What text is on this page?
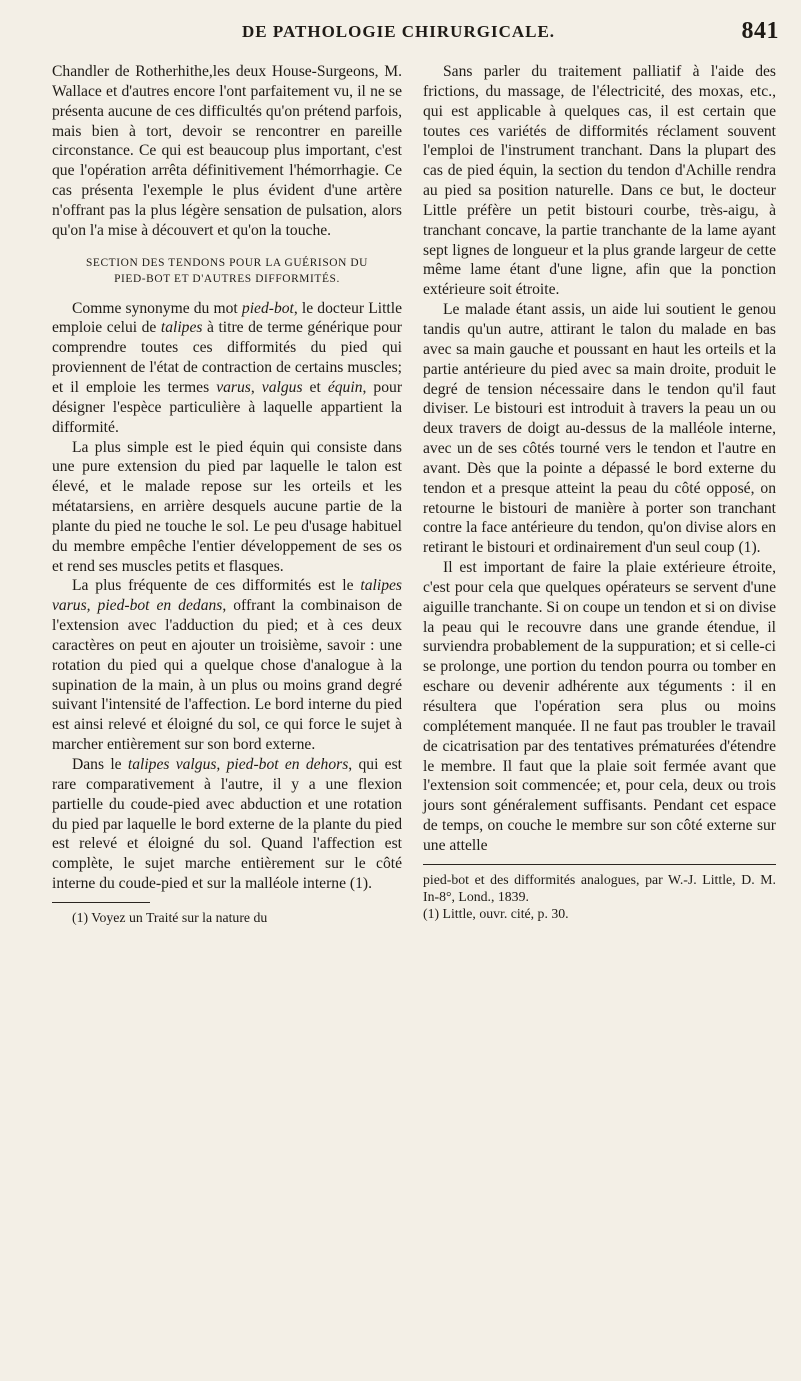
DE PATHOLOGIE CHIRURGICALE.	841

Chandler de Rotherhithe,les deux House-Surgeons, M. Wallace et d'autres encore l'ont parfaitement vu, il ne se présenta aucune de ces difficultés qu'on prétend parfois, mais bien à tort, devoir se rencontrer en pareille circonstance. Ce qui est beaucoup plus important, c'est que l'opération arrêta définitivement l'hémorrhagie. Ce cas présenta l'exemple le plus évident d'une artère n'offrant pas la plus légère sensation de pulsation, alors qu'on l'a mise à découvert et qu'on la touche.

SECTION DES TENDONS POUR LA GUÉRISON DU
PIED-BOT ET D'AUTRES DIFFORMITÉS.

Comme synonyme du mot pied-bot, le docteur Little emploie celui de talipes à titre de terme générique pour comprendre toutes ces difformités du pied qui proviennent de l'état de contraction de certains muscles; et il emploie les termes varus, valgus et équin, pour désigner l'espèce particulière à laquelle appartient la difformité.

La plus simple est le pied équin qui consiste dans une pure extension du pied par laquelle le talon est élevé, et le malade repose sur les orteils et les métatarsiens, en arrière desquels aucune partie de la plante du pied ne touche le sol. Le peu d'usage habituel du membre empêche l'entier développement de ses os et rend ses muscles petits et flasques.

La plus fréquente de ces difformités est le talipes varus, pied-bot en dedans, offrant la combinaison de l'extension avec l'adduction du pied; et à ces deux caractères on peut en ajouter un troisième, savoir : une rotation du pied qui a quelque chose d'analogue à la supination de la main, à un plus ou moins grand degré suivant l'intensité de l'affection. Le bord interne du pied est ainsi relevé et éloigné du sol, ce qui force le sujet à marcher entièrement sur son bord externe.

Dans le talipes valgus, pied-bot en dehors, qui est rare comparativement à l'autre, il y a une flexion partielle du coude-pied avec abduction et une rotation du pied par laquelle le bord externe de la plante du pied est relevé et éloigné du sol. Quand l'affection est complète, le sujet marche entièrement sur le côté interne du coude-pied et sur la malléole interne (1).

(1) Voyez un Traité sur la nature du

Sans parler du traitement palliatif à l'aide des frictions, du massage, de l'électricité, des moxas, etc., qui est applicable à quelques cas, il est certain que toutes ces variétés de difformités réclament souvent l'emploi de l'instrument tranchant. Dans la plupart des cas de pied équin, la section du tendon d'Achille rendra au pied sa position naturelle. Dans ce but, le docteur Little préfère un petit bistouri courbe, très-aigu, à tranchant concave, la partie tranchante de la lame ayant sept lignes de longueur et la plus grande largeur de cette même lame étant d'une ligne, afin que la ponction extérieure soit étroite.

Le malade étant assis, un aide lui soutient le genou tandis qu'un autre, attirant le talon du malade en bas avec sa main gauche et poussant en haut les orteils et la partie antérieure du pied avec sa main droite, produit le degré de tension nécessaire dans le tendon qu'il faut diviser. Le bistouri est introduit à travers la peau un ou deux travers de doigt au-dessus de la malléole interne, avec un de ses côtés tourné vers le tendon et l'autre en avant. Dès que la pointe a dépassé le bord externe du tendon et a presque atteint la peau du côté opposé, on retourne le bistouri de manière à porter son tranchant contre la face antérieure du tendon, qu'on divise alors en retirant le bistouri et ordinairement d'un seul coup (1).

Il est important de faire la plaie extérieure étroite, c'est pour cela que quelques opérateurs se servent d'une aiguille tranchante. Si on coupe un tendon et si on divise la peau qui le recouvre dans une grande étendue, il surviendra probablement de la suppuration; et si celle-ci se prolonge, une portion du tendon pourra ou tomber en eschare ou devenir adhérente aux téguments : il en résultera que l'opération sera plus ou moins complétement manquée. Il ne faut pas troubler le travail de cicatrisation par des tentatives prématurées d'étendre le membre. Il faut que la plaie soit fermée avant que l'extension soit commencée; et, pour cela, deux ou trois jours sont généralement suffisants. Pendant cet espace de temps, on couche le membre sur son côté externe sur une attelle

pied-bot et des difformités analogues, par W.-J. Little, D. M. In-8°, Lond., 1839.

(1) Little, ouvr. cité, p. 30.
